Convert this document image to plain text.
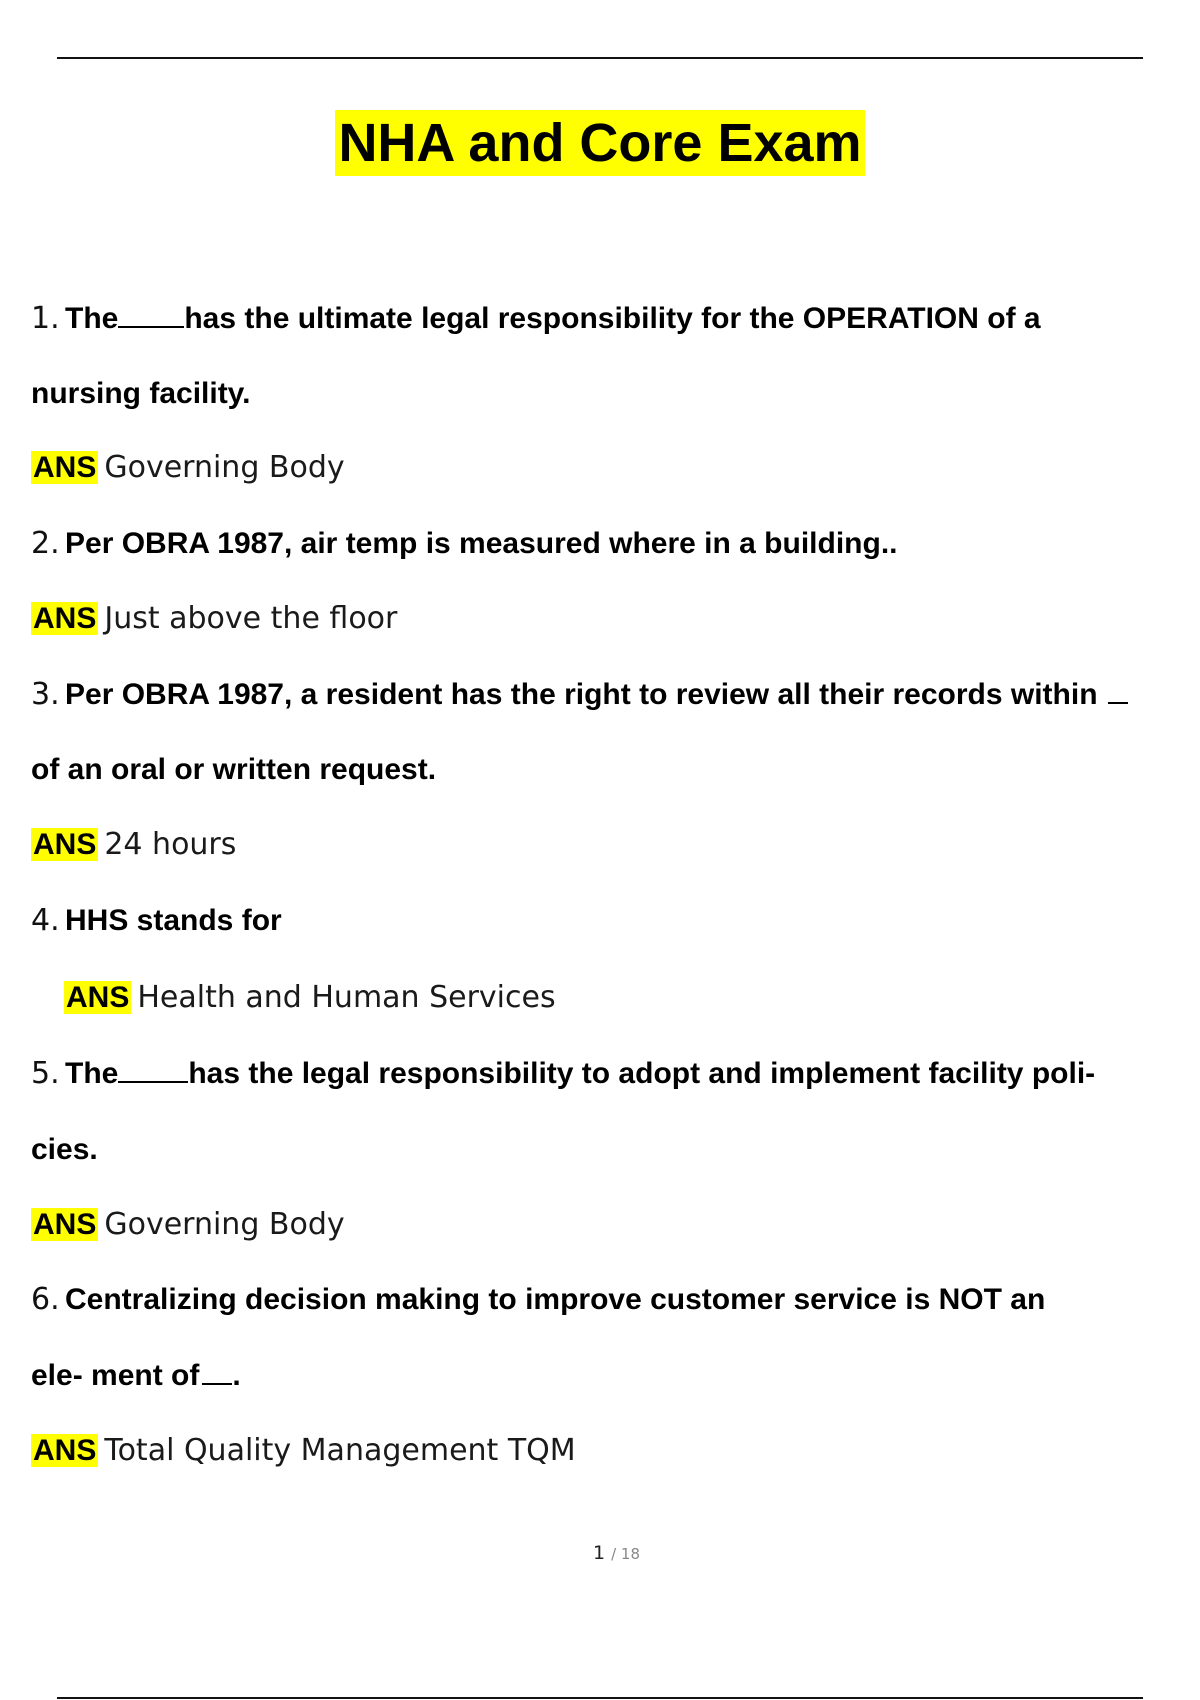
NHA and Core Exam
1. The has the ultimate legal responsibility for the OPERATION of a
nursing facility.
ANS Governing Body
2. Per OBRA 1987, air temp is measured where in a building..
ANS Just above the floor
3. Per OBRA 1987, a resident has the right to review all their records within
of an oral or written request.
ANS 24 hours
4. HHS stands for
ANS Health and Human Services
5. The has the legal responsibility to adopt and implement facility poli-
cies.
ANS Governing Body
6. Centralizing decision making to improve customer service is NOT an
ele- ment of .
ANS Total Quality Management TQM
1 / 18
